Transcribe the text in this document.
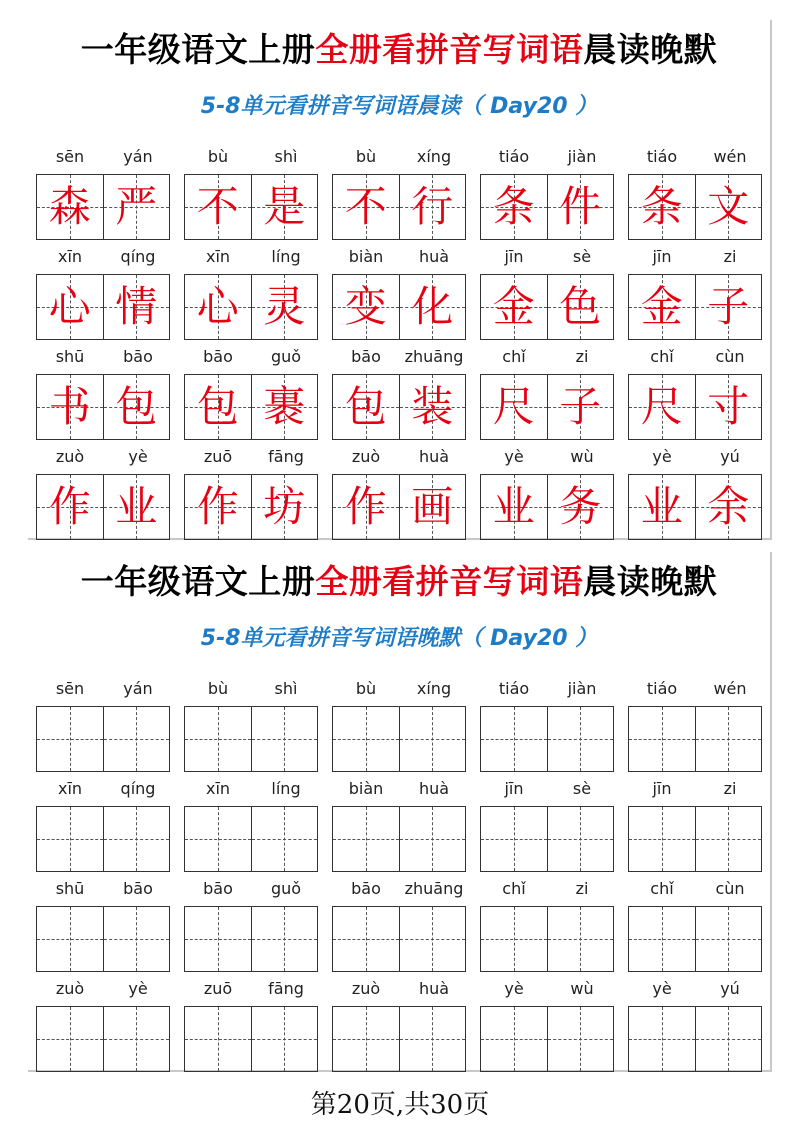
一年级语文上册全册看拼音写词语晨读晚默
5-8单元看拼音写词语晨读（ Day20 ）
sēn	yán
森 严
bù	shì
不 是
bù	xíng
不 行
tiáo	jiàn
条 件
tiáo	wén
条 文
xīn	qíng
心 情
xīn	líng
心 灵
biàn	huà
变 化
jīn	sè
金 色
jīn	zi
金 子
shū	bāo
书 包
bāo	guǒ
包 裹
bāo	zhuāng
包 装
chǐ	zi
尺 子
chǐ	cùn
尺 寸
zuò	yè
作 业
zuō	fāng
作 坊
zuò	huà
作 画
yè	wù
业 务
yè	yú
业 余
一年级语文上册全册看拼音写词语晨读晚默
5-8单元看拼音写词语晚默（ Day20 ）
sēn	yán	bù	shì	bù	xíng	tiáo	jiàn	tiáo	wén
xīn	qíng	xīn	líng	biàn	huà	jīn	sè	jīn	zi
shū	bāo	bāo	guǒ	bāo	zhuāng	chǐ	zi	chǐ	cùn
zuò	yè	zuō	fāng	zuò	huà	yè	wù	yè	yú
第20页,共30页
